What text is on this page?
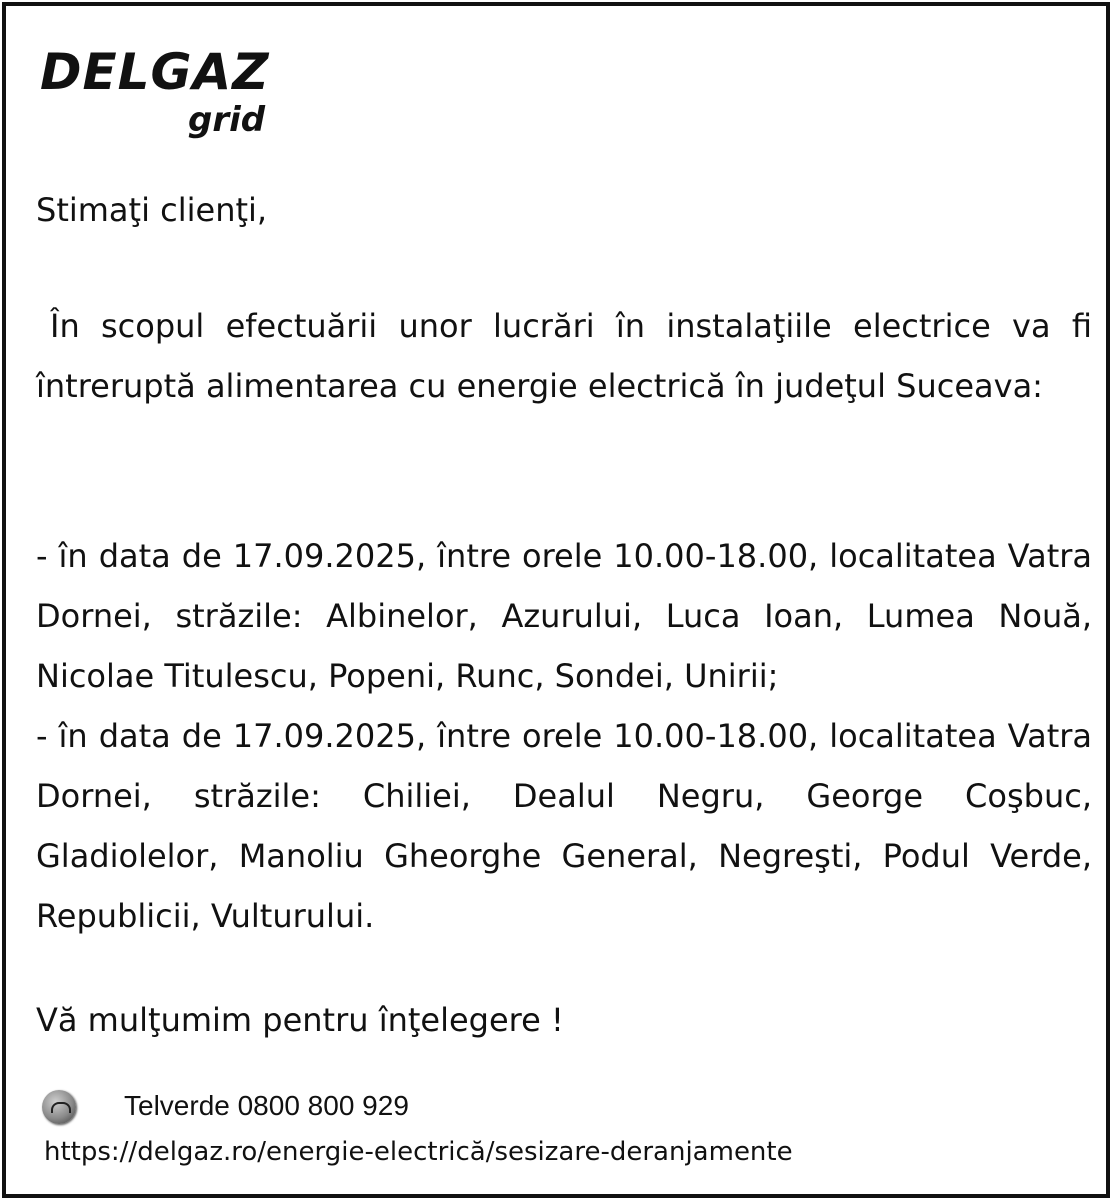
DELGAZ
grid
Stimaţi clienţi,
În scopul efectuării unor lucrări în instalaţiile electrice va fi întreruptă alimentarea cu energie electrică în judeţul Suceava:

- în data de 17.09.2025, între orele 10.00-18.00, localitatea Vatra Dornei, străzile: Albinelor, Azurului, Luca Ioan, Lumea Nouă, Nicolae Titulescu, Popeni, Runc, Sondei, Unirii;

- în data de 17.09.2025, între orele 10.00-18.00, localitatea Vatra Dornei, străzile: Chiliei, Dealul Negru, George Coşbuc, Gladiolelor, Manoliu Gheorghe General, Negreşti, Podul Verde, Republicii, Vulturului.

Vă mulţumim pentru înţelegere !
Telverde 0800 800 929
https://delgaz.ro/energie-electrică/sesizare-deranjamente
